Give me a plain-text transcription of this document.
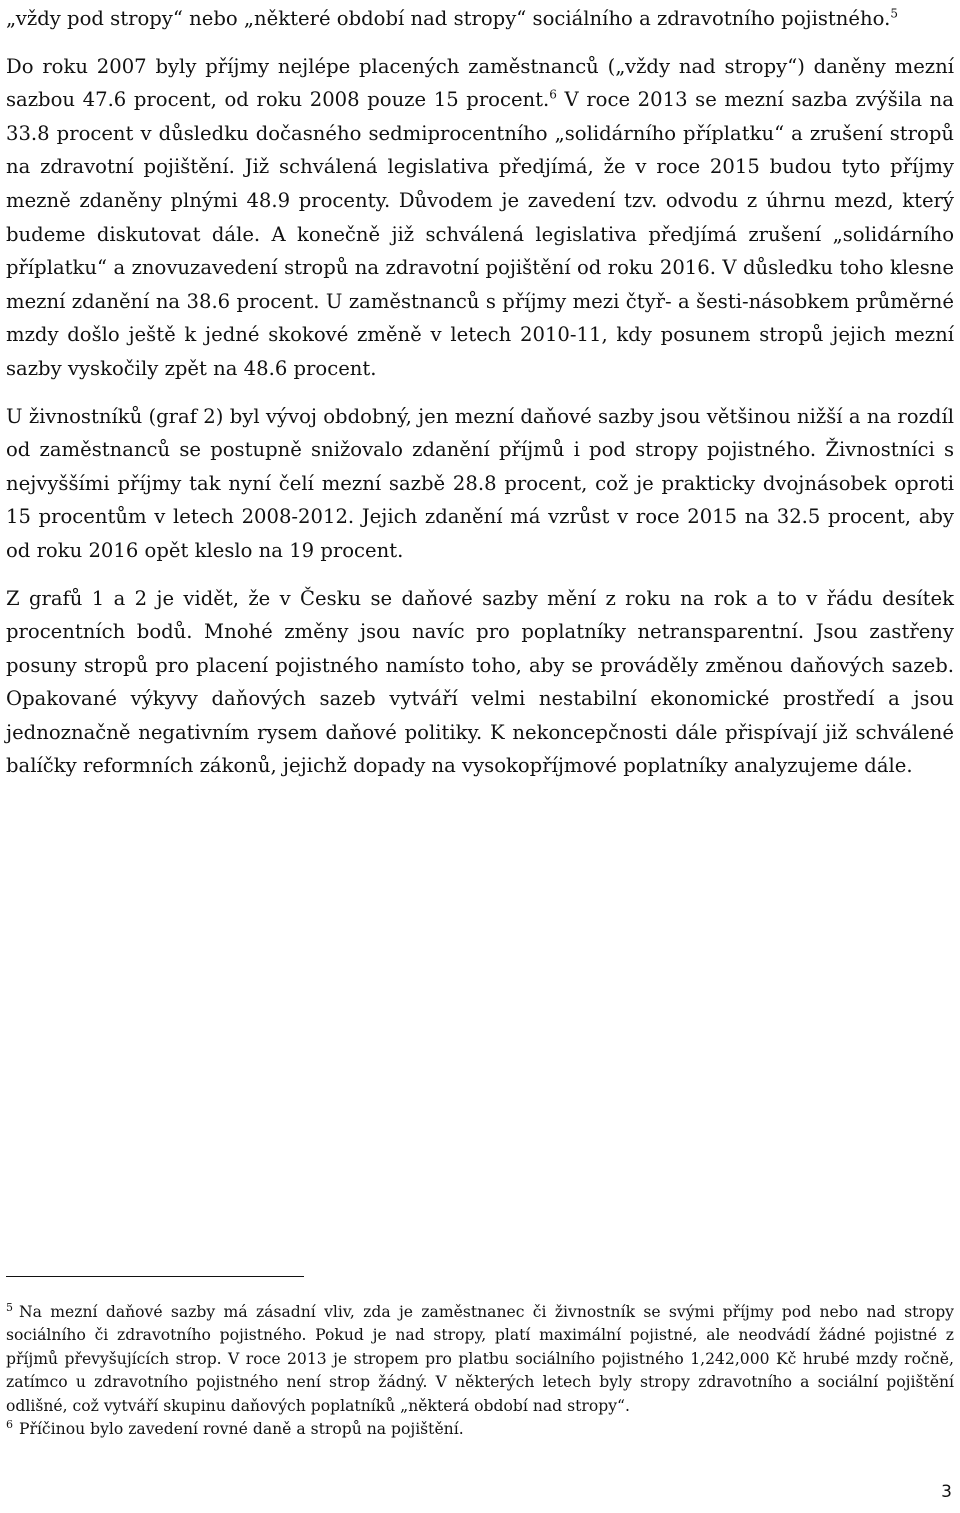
„vždy pod stropy“ nebo „některé období nad stropy“ sociálního a zdravotního pojistného.$^5$

Do roku 2007 byly příjmy nejlépe placených zaměstnanců („vždy nad stropy“) daněny mezní sazbou 47.6 procent, od roku 2008 pouze 15 procent.$^6$ V roce 2013 se mezní sazba zvýšila na 33.8 procent v důsledku dočasného sedmiprocentního „solidárního příplatku“ a zrušení stropů na zdravotní pojištění. Již schválená legislativa předjímá, že v roce 2015 budou tyto příjmy mezně zdaněny plnými 48.9 procenty. Důvodem je zavedení tzv. odvodu z úhrnu mezd, který budeme diskutovat dále. A konečně již schválená legislativa předjímá zrušení „solidárního příplatku“ a znovuzavedení stropů na zdravotní pojištění od roku 2016. V důsledku toho klesne mezní zdanění na 38.6 procent. U zaměstnanců s příjmy mezi čtyř- a šesti-násobkem průměrné mzdy došlo ještě k jedné skokové změně v letech 2010-11, kdy posunem stropů jejich mezní sazby vyskočily zpět na 48.6 procent.

U živnostníků (graf 2) byl vývoj obdobný, jen mezní daňové sazby jsou většinou nižší a na rozdíl od zaměstnanců se postupně snižovalo zdanění příjmů i pod stropy pojistného. Živnostníci s nejvyššími příjmy tak nyní čelí mezní sazbě 28.8 procent, což je prakticky dvojnásobek oproti 15 procentům v letech 2008-2012. Jejich zdanění má vzrůst v roce 2015 na 32.5 procent, aby od roku 2016 opět kleslo na 19 procent.

Z grafů 1 a 2 je vidět, že v Česku se daňové sazby mění z roku na rok a to v řádu desítek procentních bodů. Mnohé změny jsou navíc pro poplatníky netransparentní. Jsou zastřeny posuny stropů pro placení pojistného namísto toho, aby se prováděly změnou daňových sazeb. Opakované výkyvy daňových sazeb vytváří velmi nestabilní ekonomické prostředí a jsou jednoznačně negativním rysem daňové politiky. K nekoncepčnosti dále přispívají již schválené balíčky reformních zákonů, jejichž dopady na vysokopříjmové poplatníky analyzujeme dále.

$^5$ Na mezní daňové sazby má zásadní vliv, zda je zaměstnanec či živnostník se svými příjmy pod nebo nad stropy sociálního či zdravotního pojistného. Pokud je nad stropy, platí maximální pojistné, ale neodvádí žádné pojistné z příjmů převyšujících strop. V roce 2013 je stropem pro platbu sociálního pojistného 1,242,000 Kč hrubé mzdy ročně, zatímco u zdravotního pojistného není strop žádný. V některých letech byly stropy zdravotního a sociální pojištění odlišné, což vytváří skupinu daňových poplatníků „některá období nad stropy“.

$^6$ Příčinou bylo zavedení rovné daně a stropů na pojištění.

3
